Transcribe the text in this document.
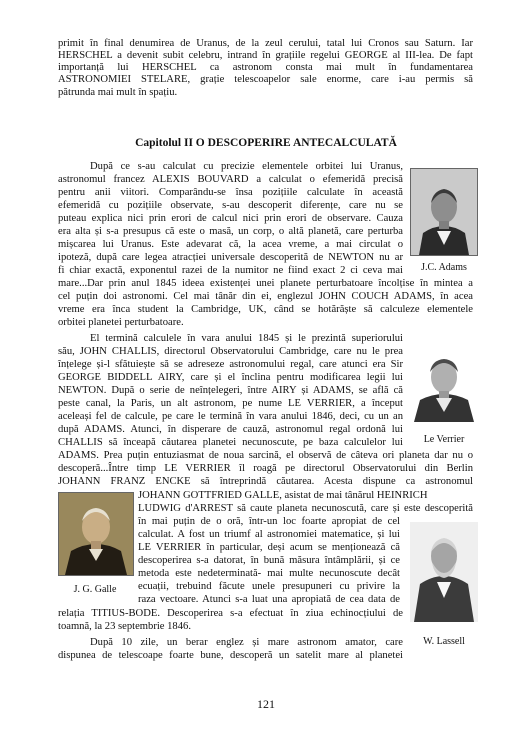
primit în final denumirea de Uranus, de la zeul cerului, tatal lui Cronos sau Saturn. Iar
HERSCHEL a devenit subit celebru, intrand în grațiile regelui GEORGE al III-lea. De fapt
importanță lui HERSCHEL ca astronom consta mai mult în fundamentarea
ASTRONOMIEI STELARE, grație telescoapelor sale enorme, care i-au permis să
pătrunda mai mult în spațiu.
Capitolul II O DESCOPERIRE ANTECALCULATĂ
După ce s-au calculat cu precizie elementele orbitei lui Uranus,
astronomul francez ALEXIS BOUVARD a calculat o efemeridă precisă
pentru anii viitori. Comparându-se însa pozițiile calculate în această
efemeridă cu pozițiile observate, s-au descoperit diferențe, care nu se
puteau explica nici prin erori de calcul nici prin erori de observare. Cauza
era alta și s-a presupus că este o masă, un corp, o altă planetă, care perturba
mișcarea lui Uranus. Este adevarat că, la acea vreme, a mai circulat o
ipoteză, după care legea atracției universale descoperită de NEWTON nu ar
fi chiar exactă, exponentul razei de la numitor ne fiind exact 2 ci ceva mai
mare...Dar prin anul 1845 ideea existenței unei planete perturbatoare încolțise în mintea a
cel puțin doi astronomi. Cel mai tânăr din ei, englezul JOHN COUCH ADAMS, în acea
vreme era înca student la Cambridge, UK, când se hotărăște să calculeze elementele
orbitei planetei perturbatoare.
El termină calculele în vara anului 1845 și le prezintă superiorului
său, JOHN CHALLIS, directorul Observatorului Cambridge, care nu le prea
înțelege și-l sfătuiește să se adreseze astronomului regal, care atunci era Sir
GEORGE BIDDELL AIRY, care și el înclina pentru modificarea legii lui
NEWTON. După o serie de neînțelegeri, între AIRY și ADAMS, se află că
peste canal, la Paris, un alt astronom, pe nume LE VERRIER, a început
aceleași fel de calcule, pe care le termină în vara anului 1846, deci, cu un an
după ADAMS. Atunci, în disperare de cauză, astronomul regal ordonă lui
CHALLIS să înceapă căutarea planetei necunoscute, pe baza calculelor lui
ADAMS. Prea puțin entuziasmat de noua sarcină, el observă de câteva ori planeta dar nu o
descoperă...Între timp LE VERRIER îl roagă pe directorul Observatorului din Berlin
JOHANN FRANZ ENCKE să întreprindă căutarea. Acesta dispune ca astronomul
JOHANN GOTTFRIED GALLE, asistat de mai tânărul HEINRICH
LUDWIG d'ARREST să caute planeta necunoscută, care și este descoperită
în mai puțin de o oră, într-un loc foarte apropiat de cel
calculat. A fost un triumf al astronomiei matematice, și lui
LE VERRIER în particular, deși acum se menționează că
descoperirea s-a datorat, în bună măsura întâmplării, și ce
metoda este nedeterminată- mai multe necunoscute decât
ecuații, trebuind făcute unele presupuneri cu privire la
raza vectoare. Atunci s-a luat una apropiată de cea data de
relația TITIUS-BODE. Descoperirea s-a efectuat în ziua echinocțiului de
toamnă, la 23 septembrie 1846.
După 10 zile, un berar englez și mare astronom amator, care
dispunea de telescoape foarte bune, descoperă un satelit mare al planetei
J.C. Adams
Le Verrier
J. G. Galle
W. Lassell
121
